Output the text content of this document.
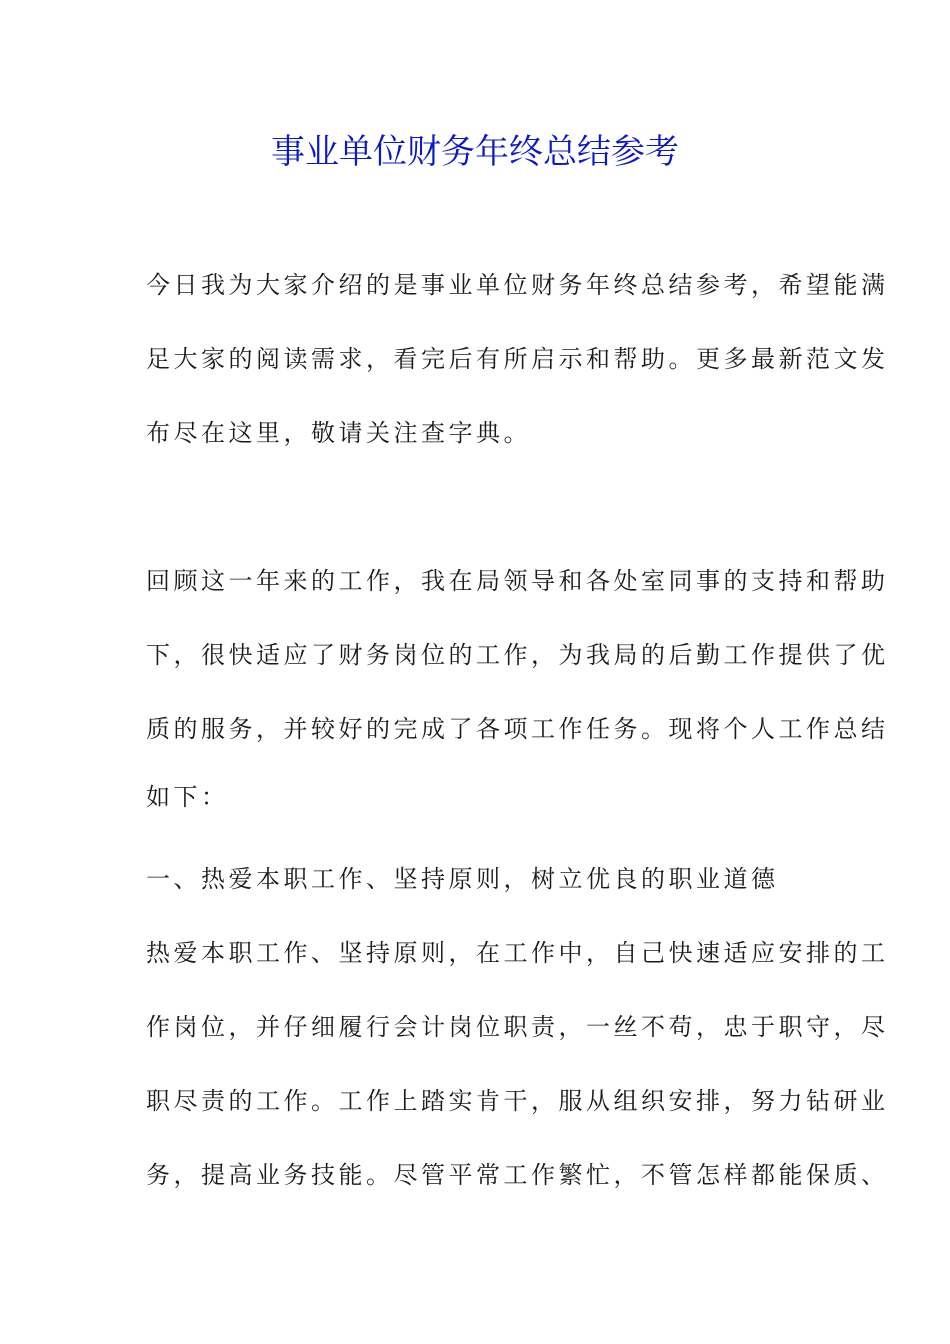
事业单位财务年终总结参考
今日我为大家介绍的是事业单位财务年终总结参考，希望能满
足大家的阅读需求，看完后有所启示和帮助。更多最新范文发
布尽在这里，敬请关注查字典。
回顾这一年来的工作，我在局领导和各处室同事的支持和帮助
下，很快适应了财务岗位的工作，为我局的后勤工作提供了优
质的服务，并较好的完成了各项工作任务。现将个人工作总结
如下：
一、热爱本职工作、坚持原则，树立优良的职业道德
热爱本职工作、坚持原则，在工作中，自己快速适应安排的工
作岗位，并仔细履行会计岗位职责，一丝不苟，忠于职守，尽
职尽责的工作。工作上踏实肯干，服从组织安排，努力钻研业
务，提高业务技能。尽管平常工作繁忙，不管怎样都能保质、
